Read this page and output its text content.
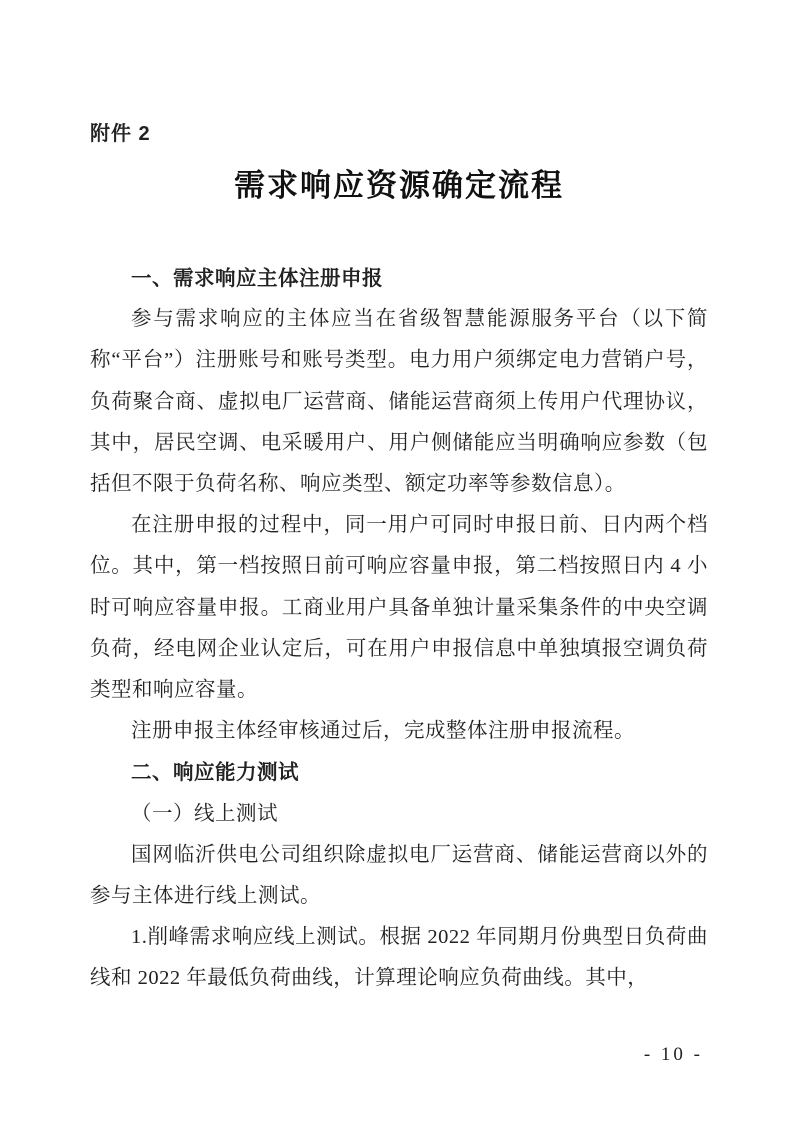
附件 2
需求响应资源确定流程

一、需求响应主体注册申报

参与需求响应的主体应当在省级智慧能源服务平台（以下简称“平台”）注册账号和账号类型。电力用户须绑定电力营销户号，负荷聚合商、虚拟电厂运营商、储能运营商须上传用户代理协议，其中，居民空调、电采暖用户、用户侧储能应当明确响应参数（包括但不限于负荷名称、响应类型、额定功率等参数信息）。

在注册申报的过程中，同一用户可同时申报日前、日内两个档位。其中，第一档按照日前可响应容量申报，第二档按照日内 4 小时可响应容量申报。工商业用户具备单独计量采集条件的中央空调负荷，经电网企业认定后，可在用户申报信息中单独填报空调负荷类型和响应容量。

注册申报主体经审核通过后，完成整体注册申报流程。

二、响应能力测试

（一）线上测试

国网临沂供电公司组织除虚拟电厂运营商、储能运营商以外的参与主体进行线上测试。

1.削峰需求响应线上测试。根据 2022 年同期月份典型日负荷曲线和 2022 年最低负荷曲线，计算理论响应负荷曲线。其中，

- 10 -
